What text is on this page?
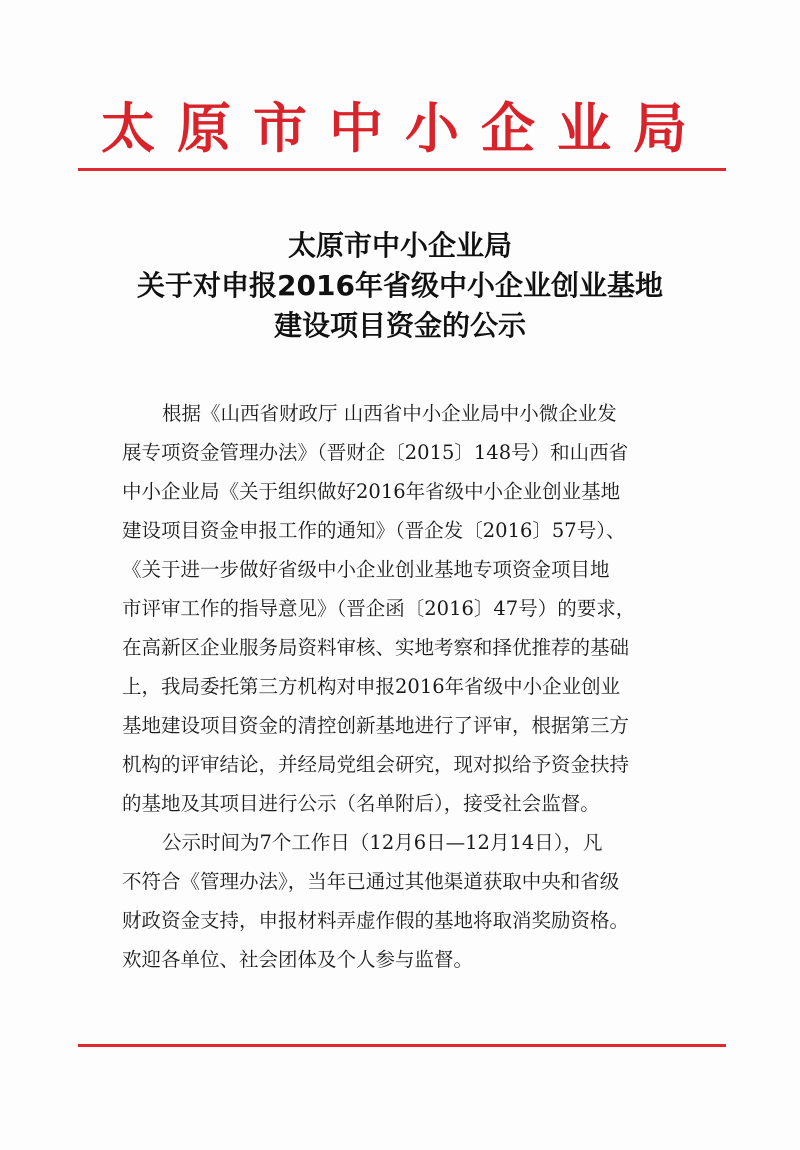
太原市中小企业局
太原市中小企业局
关于对申报2016年省级中小企业创业基地
建设项目资金的公示
根据《山西省财政厅 山西省中小企业局中小微企业发
展专项资金管理办法》（晋财企〔2015〕148号）和山西省
中小企业局《关于组织做好2016年省级中小企业创业基地
建设项目资金申报工作的通知》（晋企发〔2016〕57号）、
《关于进一步做好省级中小企业创业基地专项资金项目地
市评审工作的指导意见》（晋企函〔2016〕47号）的要求，
在高新区企业服务局资料审核、实地考察和择优推荐的基础
上，我局委托第三方机构对申报2016年省级中小企业创业
基地建设项目资金的清控创新基地进行了评审，根据第三方
机构的评审结论，并经局党组会研究，现对拟给予资金扶持
的基地及其项目进行公示（名单附后），接受社会监督。
公示时间为7个工作日（12月6日—12月14日），凡
不符合《管理办法》，当年已通过其他渠道获取中央和省级
财政资金支持，申报材料弄虚作假的基地将取消奖励资格。
欢迎各单位、社会团体及个人参与监督。
